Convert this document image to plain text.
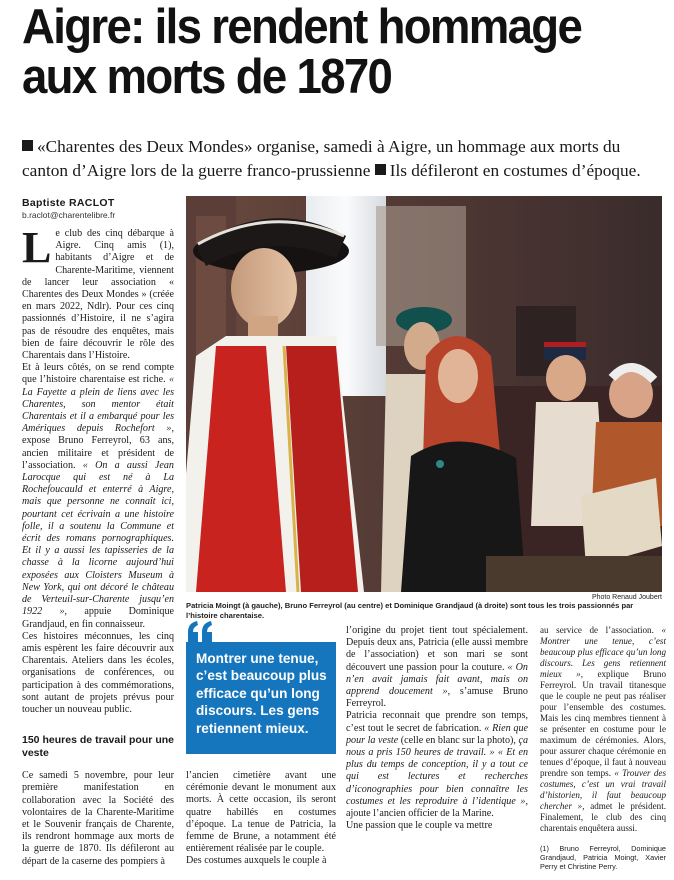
Aigre: ils rendent hommage aux morts de 1870
«Charentes des Deux Mondes» organise, samedi à Aigre, un hommage aux morts du canton d’Aigre lors de la guerre franco-prussienne Ils défileront en costumes d’époque.
Baptiste RACLOT
b.raclot@charentelibre.fr

Le club des cinq débarque à Aigre. Cinq amis (1), habitants d’Aigre et de Charente-Maritime, viennent de lancer leur association « Charentes des Deux Mondes » (créée en mars 2022, Ndlr). Pour ces cinq passionnés d’Histoire, il ne s’agira pas de résoudre des enquêtes, mais bien de faire découvrir le rôle des Charentais dans l’Histoire.

Et à leurs côtés, on se rend compte que l’histoire charentaise est riche. « La Fayette a plein de liens avec les Charentes, son mentor était Charentais et il a embarqué pour les Amériques depuis Rochefort », expose Bruno Ferreyrol, 63 ans, ancien militaire et président de l’association. « On a aussi Jean Larocque qui est né à La Rochefoucauld et enterré à Aigre, mais que personne ne connaît ici, pourtant cet écrivain a une histoire folle, il a soutenu la Commune et écrit des romans pornographiques. Et il y a aussi les tapisseries de la chasse à la licorne aujourd’hui exposées aux Cloisters Museum à New York, qui ont décoré le château de Verteuil-sur-Charente jusqu’en 1922 », appuie Dominique Grandjaud, en fin connaisseur.

Ces histoires méconnues, les cinq amis espèrent les faire découvrir aux Charentais. Ateliers dans les écoles, organisations de conférences, ou participation à des commémorations, sont autant de projets prévus pour toucher un nouveau public.

150 heures de travail pour une veste

Ce samedi 5 novembre, pour leur première manifestation en collaboration avec la Société des volontaires de la Charente-Maritime et le Souvenir français de Charente, ils rendront hommage aux morts de la guerre de 1870. Ils défileront au départ de la caserne des pompiers à

Photo Renaud Joubert
Patricia Moingt (à gauche), Bruno Ferreyrol (au centre) et Dominique Grandjaud (à droite) sont tous les trois passionnés par l’histoire charentaise.
Montrer une tenue, c’est beaucoup plus efficace qu’un long discours. Les gens retiennent mieux.

l’ancien cimetière avant une cérémonie devant le monument aux morts. À cette occasion, ils seront quatre habillés en costumes d’époque. La tenue de Patricia, la femme de Brune, a notamment été entièrement réalisée par le couple.

Des costumes auxquels le couple à

l’origine du projet tient tout spécialement. Depuis deux ans, Patricia (elle aussi membre de l’association) et son mari se sont découvert une passion pour la couture. « On n’en avait jamais fait avant, mais on apprend doucement », s’amuse Bruno Ferreyrol.

Patricia reconnait que prendre son temps, c’est tout le secret de fabrication. « Rien que pour la veste (celle en blanc sur la photo), ça nous a pris 150 heures de travail. » « Et en plus du temps de conception, il y a tout ce qui est lectures et recherches d’iconographies pour bien connaître les costumes et les reproduire à l’identique », ajoute l’ancien officier de la Marine.

Une passion que le couple va mettre

au service de l’association. « Montrer une tenue, c’est beaucoup plus efficace qu’un long discours. Les gens retiennent mieux », explique Bruno Ferreyrol. Un travail titanesque que le couple ne peut pas réaliser pour l’ensemble des costumes. Mais les cinq membres tiennent à se présenter en costume pour le maximum de cérémonies. Alors, pour assurer chaque cérémonie en tenues d’époque, il faut à nouveau prendre son temps. « Trouver des costumes, c’est un vrai travail d’historien, il faut beaucoup chercher », admet le président. Finalement, le club des cinq charentais enquêtera aussi.

(1) Bruno Ferreyrol, Dominique Grandjaud, Patricia Moingt, Xavier Perry et Christine Perry.
